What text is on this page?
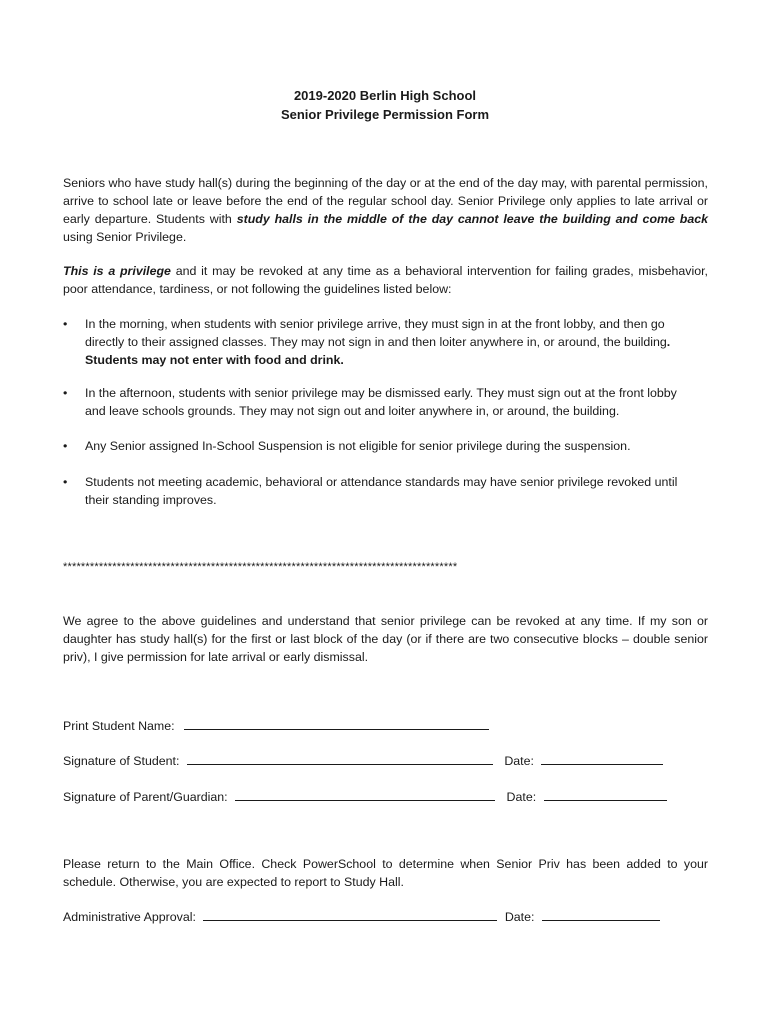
2019-2020 Berlin High School
Senior Privilege Permission Form
Seniors who have study hall(s) during the beginning of the day or at the end of the day may, with parental permission, arrive to school late or leave before the end of the regular school day. Senior Privilege only applies to late arrival or early departure. Students with study halls in the middle of the day cannot leave the building and come back using Senior Privilege.
This is a privilege and it may be revoked at any time as a behavioral intervention for failing grades, misbehavior, poor attendance, tardiness, or not following the guidelines listed below:
•	In the morning, when students with senior privilege arrive, they must sign in at the front lobby, and then go directly to their assigned classes. They may not sign in and then loiter anywhere in, or around, the building.
Students may not enter with food and drink.
•	In the afternoon, students with senior privilege may be dismissed early. They must sign out at the front lobby and leave schools grounds. They may not sign out and loiter anywhere in, or around, the building.
•	Any Senior assigned In-School Suspension is not eligible for senior privilege during the suspension.
•	Students not meeting academic, behavioral or attendance standards may have senior privilege revoked until their standing improves.
****************************************************************************************
We agree to the above guidelines and understand that senior privilege can be revoked at any time. If my son or daughter has study hall(s) for the first or last block of the day (or if there are two consecutive blocks – double senior priv), I give permission for late arrival or early dismissal.
Print Student Name:
Signature of Student:	Date:
Signature of Parent/Guardian:	Date:
Please return to the Main Office. Check PowerSchool to determine when Senior Priv has been added to your schedule. Otherwise, you are expected to report to Study Hall.
Administrative Approval:	Date:
